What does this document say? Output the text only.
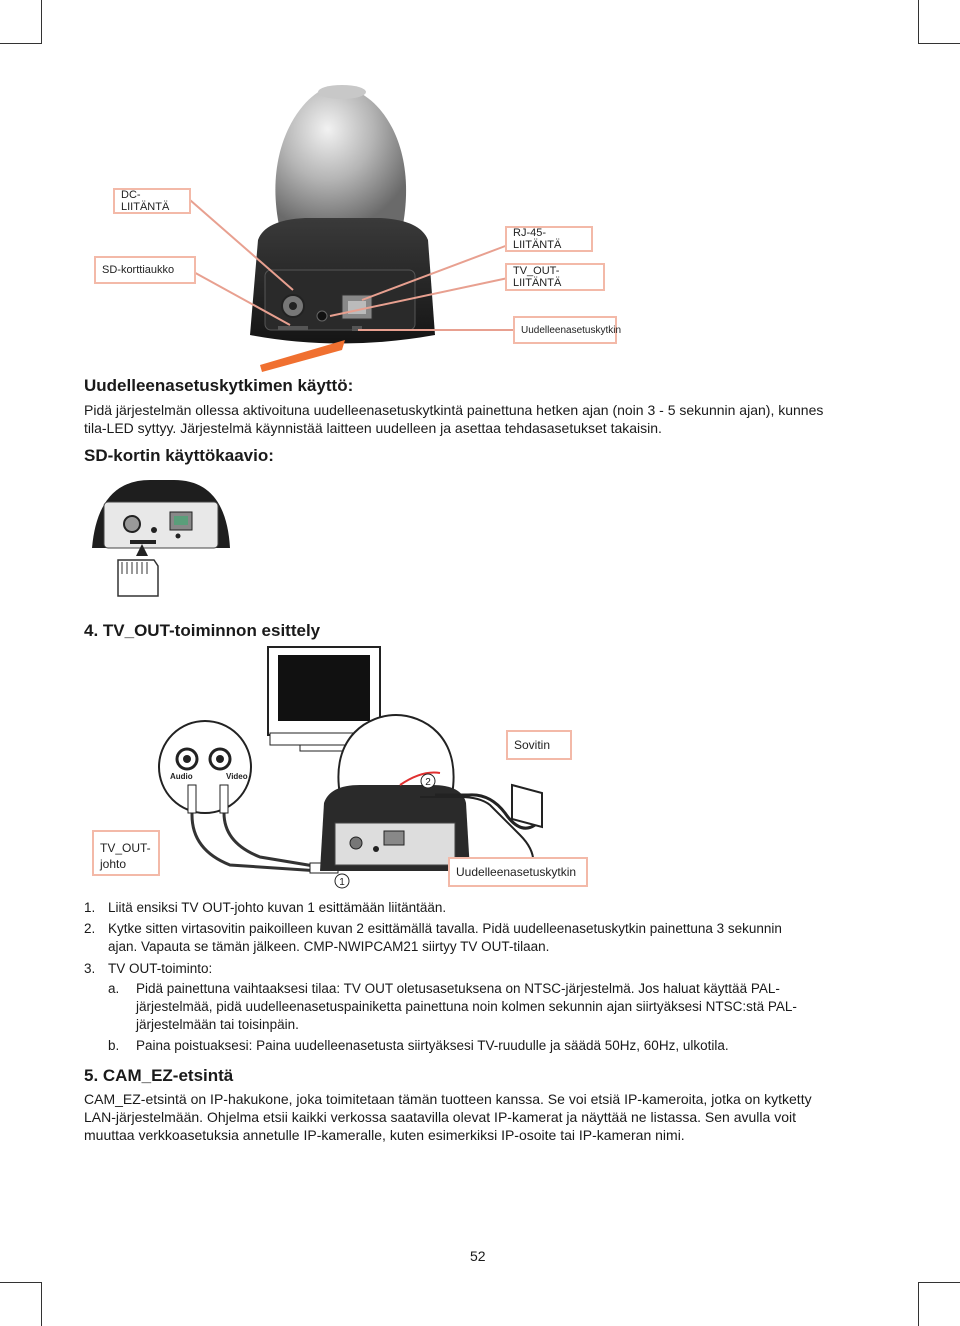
DC-LIITÄNTÄ
RJ-45-LIITÄNTÄ
SD-korttiaukko	TV_OUT-LIITÄNTÄ
Uudelleenasetuskytkin
Uudelleenasetuskytkimen käyttö:
Pidä järjestelmän ollessa aktivoituna uudelleenasetuskytkintä painettuna hetken ajan (noin 3 - 5 sekunnin ajan), kunnes
tila-LED syttyy. Järjestelmä käynnistää laitteen uudelleen ja asettaa tehdasasetukset takaisin.
SD-kortin käyttökaavio:
4. TV_OUT-toiminnon esittely
1
2
Audio	Video
Sovitin
TV_OUT-
johto
Uudelleenasetuskytkin
1. Liitä ensiksi TV OUT-johto kuvan 1 esittämään liitäntään.
2. Kytke sitten virtasovitin paikoilleen kuvan 2 esittämällä tavalla. Pidä uudelleenasetuskytkin painettuna 3 sekunnin
ajan. Vapauta se tämän jälkeen. CMP-NWIPCAM21 siirtyy TV OUT-tilaan.
3. TV OUT-toiminto:
a. Pidä painettuna vaihtaaksesi tilaa: TV OUT oletusasetuksena on NTSC-järjestelmä. Jos haluat käyttää PAL-
järjestelmää, pidä uudelleenasetuspainiketta painettuna noin kolmen sekunnin ajan siirtyäksesi NTSC:stä PAL-
järjestelmään tai toisinpäin.
b. Paina poistuaksesi: Paina uudelleenasetusta siirtyäksesi TV-ruudulle ja säädä 50Hz, 60Hz, ulkotila.
5. CAM_EZ-etsintä
CAM_EZ-etsintä on IP-hakukone, joka toimitetaan tämän tuotteen kanssa. Se voi etsiä IP-kameroita, jotka on kytketty
LAN-järjestelmään. Ohjelma etsii kaikki verkossa saatavilla olevat IP-kamerat ja näyttää ne listassa. Sen avulla voit
muuttaa verkkoasetuksia annetulle IP-kameralle, kuten esimerkiksi IP-osoite tai IP-kameran nimi.
52
